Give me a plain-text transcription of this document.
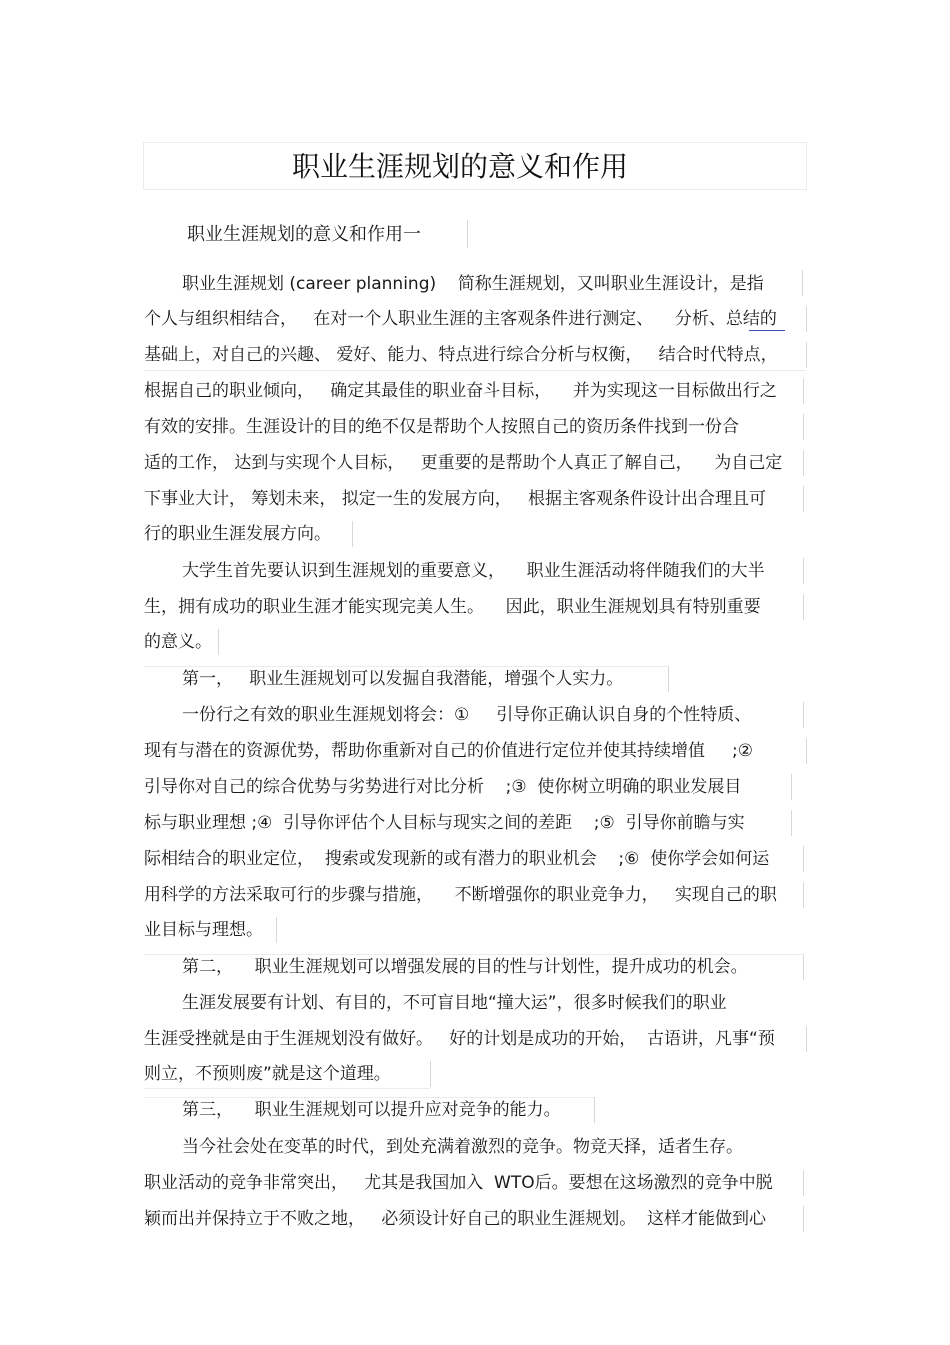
职业生涯规划的意义和作用
职业生涯规划的意义和作用一
职业生涯规划 (career planning)    简称生涯规划，又叫职业生涯设计，是指
个人与组织相结合，   在对一个人职业生涯的主客观条件进行测定、    分析、总结的
基础上，对自己的兴趣、 爱好、能力、特点进行综合分析与权衡，   结合时代特点，
根据自己的职业倾向，   确定其最佳的职业奋斗目标，    并为实现这一目标做出行之
有效的安排。生涯设计的目的绝不仅是帮助个人按照自己的资历条件找到一份合
适的工作， 达到与实现个人目标，   更重要的是帮助个人真正了解自己，    为自己定
下事业大计， 筹划未来， 拟定一生的发展方向，   根据主客观条件设计出合理且可
行的职业生涯发展方向。
大学生首先要认识到生涯规划的重要意义，    职业生涯活动将伴随我们的大半
生，拥有成功的职业生涯才能实现完美人生。    因此，职业生涯规划具有特别重要
的意义。
第一，   职业生涯规划可以发掘自我潜能，增强个人实力。
一份行之有效的职业生涯规划将会：①     引导你正确认识自身的个性特质、
现有与潜在的资源优势，帮助你重新对自己的价值进行定位并使其持续增值     ;②
引导你对自己的综合优势与劣势进行对比分析    ;③  使你树立明确的职业发展目
标与职业理想 ;④  引导你评估个人目标与现实之间的差距    ;⑤  引导你前瞻与实
际相结合的职业定位，  搜索或发现新的或有潜力的职业机会    ;⑥  使你学会如何运
用科学的方法采取可行的步骤与措施，    不断增强你的职业竞争力，   实现自己的职
业目标与理想。
第二，    职业生涯规划可以增强发展的目的性与计划性，提升成功的机会。
生涯发展要有计划、有目的，不可盲目地“撞大运”，很多时候我们的职业
生涯受挫就是由于生涯规划没有做好。   好的计划是成功的开始，  古语讲，凡事“预
则立，不预则废”就是这个道理。
第三，    职业生涯规划可以提升应对竞争的能力。
当今社会处在变革的时代，到处充满着激烈的竞争。物竞天择，适者生存。
职业活动的竞争非常突出，   尤其是我国加入  WTO后。要想在这场激烈的竞争中脱
颖而出并保持立于不败之地，   必须设计好自己的职业生涯规划。  这样才能做到心
